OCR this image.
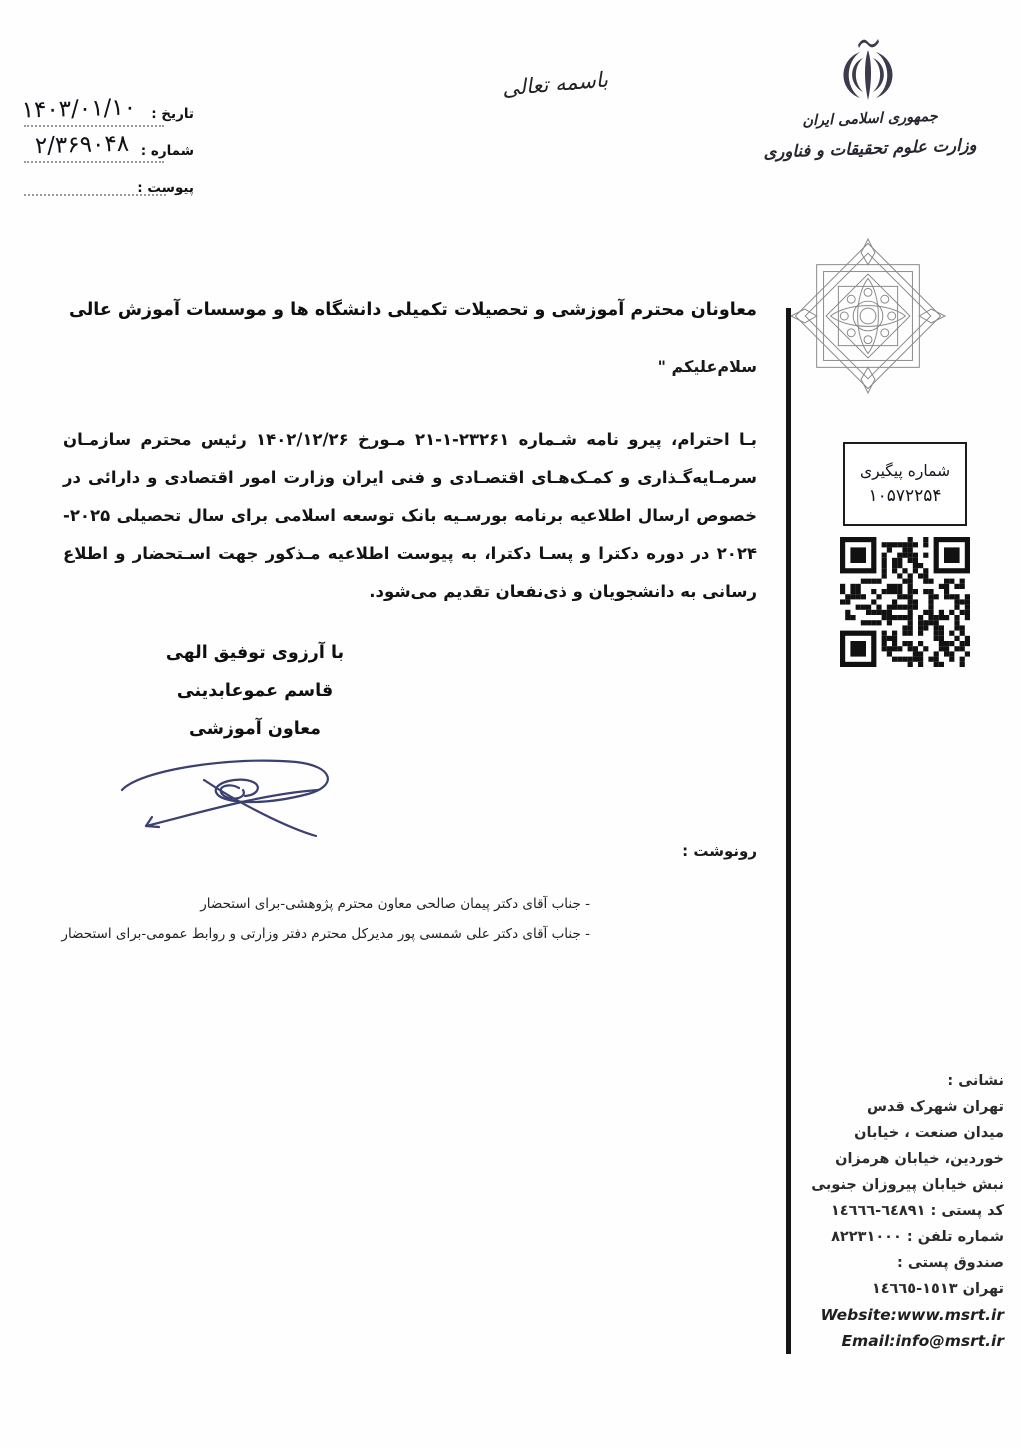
باسمه تعالی
جمهوری اسلامی ایران
وزارت علوم تحقیقات و فناوری
تاریخ :
۱۴۰۳/۰۱/۱۰
شماره :
۲/۳۶۹۰۴۸
پیوست :
معاونان محترم آموزشی و تحصیلات تکمیلی دانشگاه ها و موسسات آموزش عالی
سلام‌علیکم "
بـا احترام، پیرو نامه شـماره ۲۳۲۶۱-۱-۲۱ مـورخ ۱۴۰۲/۱۲/۲۶ رئیس محترم سازمـان
سرمـایه‌گـذاری و کمـک‌هـای اقتصـادی و فنی ایران وزارت امور اقتصادی و دارائی در
خصوص ارسال اطلاعیه برنامه بورسـیه بانک توسعه اسلامی برای سال تحصیلی ۲۰۲۵-
۲۰۲۴ در دوره دکترا و پسـا دکترا، به پیوست اطلاعیه مـذکور جهت اسـتحضار و اطلاع
رسانی به دانشجویان و ذی‌نفعان تقدیم می‌شود.
شماره پیگیری
۱۰۵۷۲۲۵۴
با آرزوی توفیق الهی
قاسم عموعابدینی
معاون آموزشی
رونوشت :
- جناب آقای دکتر پیمان صالحی معاون محترم پژوهشی-برای استحضار
- جناب آقای دکتر علی شمسی پور مدیرکل محترم دفتر وزارتی و روابط عمومی-برای استحضار
نشانی :
تهران شهرک قدس
میدان صنعت ، خیابان
خوردین، خیابان هرمزان
نبش خیابان پیروزان جنوبی
کد پستی : ٦٤٨٩١-١٤٦٦٦
شماره تلفن : ٨٢٢٣١٠٠٠
صندوق پستی :
تهران ١٥١٣-١٤٦٦٥
Website:www.msrt.ir
Email:info@msrt.ir
